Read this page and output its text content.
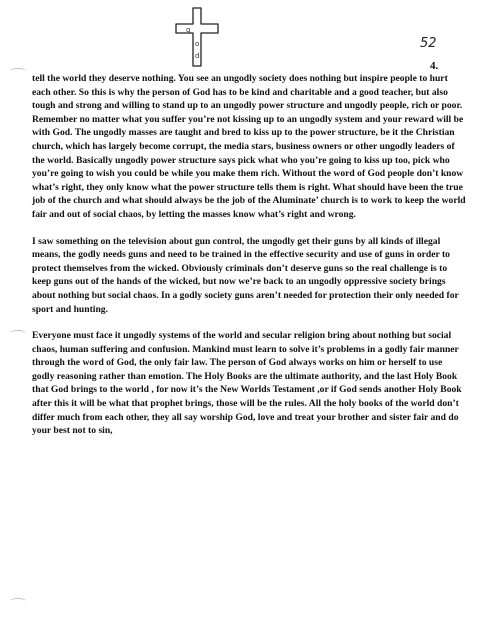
g
o
d
52
4.

tell the world they deserve nothing. You see an ungodly society does nothing but inspire people to hurt each other. So this is why the person of God has to be kind and charitable and a good teacher, but also tough and strong and willing to stand up to an ungodly power structure and ungodly people, rich or poor. Remember no matter what you suffer you’re not kissing up to an ungodly system and your reward will be with God. The ungodly masses are taught and bred to kiss up to the power structure, be it the Christian church, which has largely become corrupt, the media stars, business owners or other ungodly leaders of the world. Basically ungodly power structure says pick what who you’re going to kiss up too, pick who you’re going to wish you could be while you make them rich. Without the word of God people don’t know what’s right, they only know what the power structure tells them is right. What should have been the true job of the church and what should always be the job of the Aluminate’ church is to work to keep the world fair and out of social chaos, by letting the masses know what’s right and wrong.

I saw something on the television about gun control, the ungodly get their guns by all kinds of illegal means, the godly needs guns and need to be trained in the effective security and use of guns in order to protect themselves from the wicked. Obviously criminals don’t deserve guns so the real challenge is to keep guns out of the hands of the wicked, but now we’re back to an ungodly oppressive society brings about nothing but social chaos. In a godly society guns aren’t needed for protection their only needed for sport and hunting.

Everyone must face it ungodly systems of the world and secular religion bring about nothing but social chaos, human suffering and confusion. Mankind must learn to solve it’s problems in a godly fair manner through the word of God, the only fair law. The person of God always works on him or herself to use godly reasoning rather than emotion. The Holy Books are the ultimate authority, and the last Holy Book that God brings to the world , for now it’s the New Worlds Testament ,or if God sends another Holy Book after this it will be what that prophet brings, those will be the rules. All the holy books of the world don’t differ much from each other, they all say worship God, love and treat your brother and sister fair and do your best not to sin,
